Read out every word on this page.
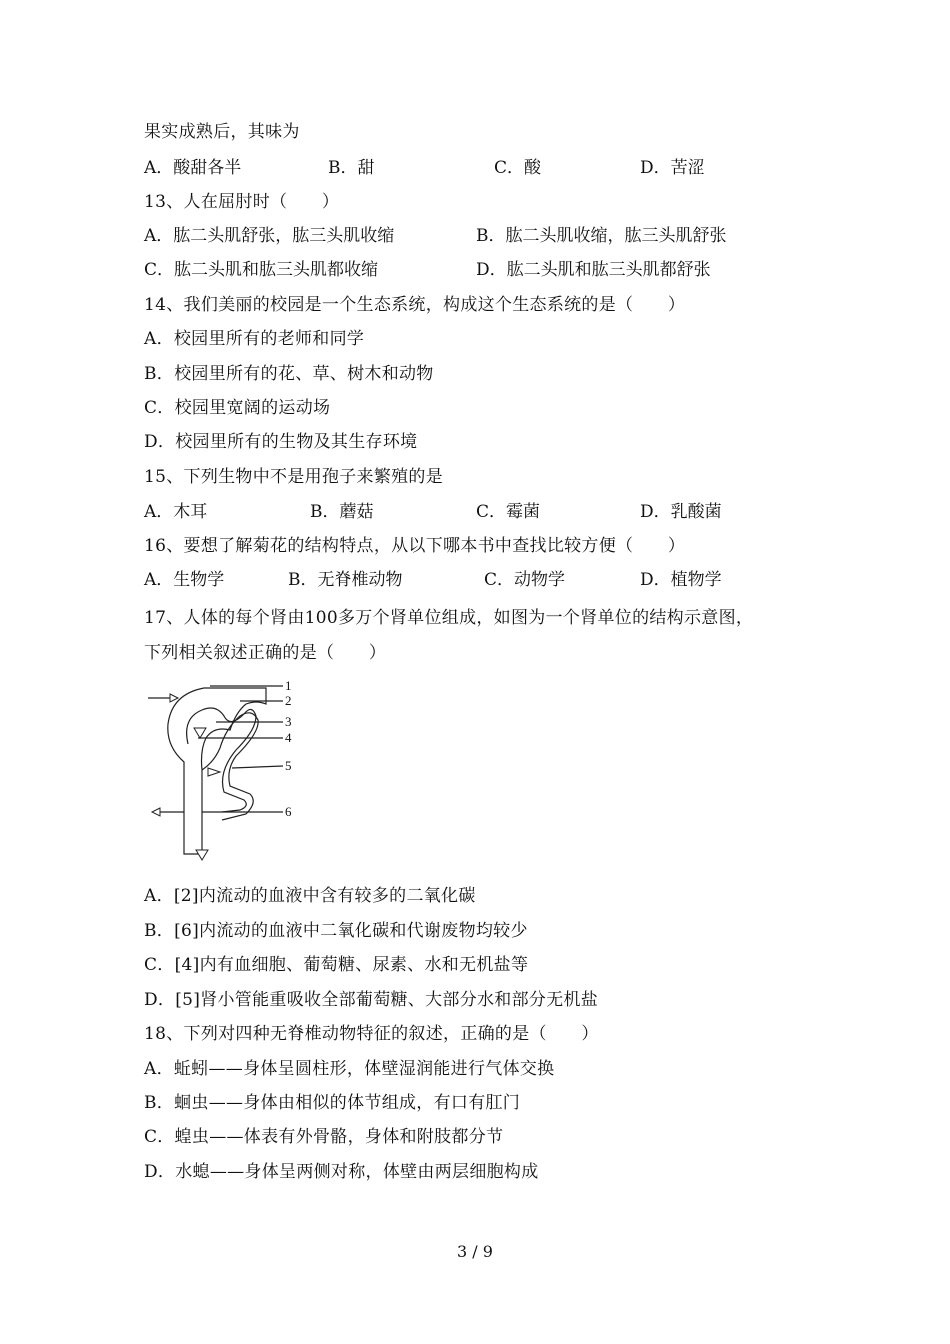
果实成熟后，其味为
A．酸甜各半	B．甜	C．酸	D．苦涩
13、人在屈肘时（　　）
A．肱二头肌舒张，肱三头肌收缩	B．肱二头肌收缩，肱三头肌舒张
C．肱二头肌和肱三头肌都收缩	D．肱二头肌和肱三头肌都舒张
14、我们美丽的校园是一个生态系统，构成这个生态系统的是（　　）
A．校园里所有的老师和同学
B．校园里所有的花、草、树木和动物
C．校园里宽阔的运动场
D．校园里所有的生物及其生存环境
15、下列生物中不是用孢子来繁殖的是
A．木耳	B．蘑菇	C．霉菌	D．乳酸菌
16、要想了解菊花的结构特点，从以下哪本书中查找比较方便（　　）
A．生物学	B．无脊椎动物	C．动物学	D．植物学
17、人体的每个肾由100多万个肾单位组成，如图为一个肾单位的结构示意图，
下列相关叙述正确的是（　　）
1
2
3
4
5
6
A．[2]内流动的血液中含有较多的二氧化碳
B．[6]内流动的血液中二氧化碳和代谢废物均较少
C．[4]内有血细胞、葡萄糖、尿素、水和无机盐等
D．[5]肾小管能重吸收全部葡萄糖、大部分水和部分无机盐
18、下列对四种无脊椎动物特征的叙述，正确的是（　　）
A．蚯蚓——身体呈圆柱形，体壁湿润能进行气体交换
B．蛔虫——身体由相似的体节组成，有口有肛门
C．蝗虫——体表有外骨骼，身体和附肢都分节
D．水螅——身体呈两侧对称，体壁由两层细胞构成
3 / 9
